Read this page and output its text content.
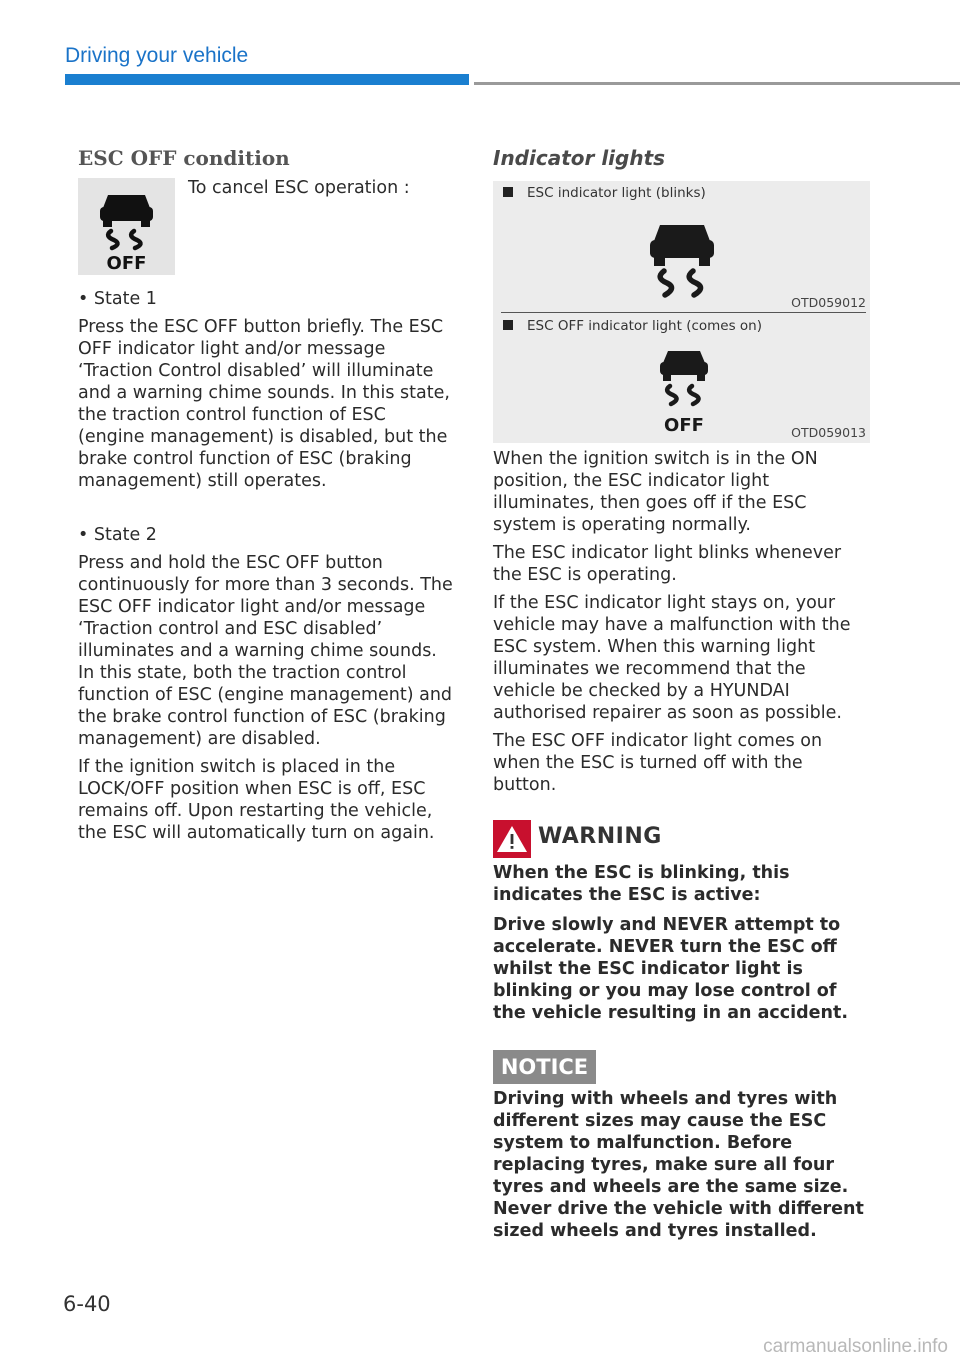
Driving your vehicle
ESC OFF condition
OFF
To cancel ESC operation :

• State 1

Press the ESC OFF button briefly. The ESC OFF indicator light and/or message ‘Traction Control disabled’ will illuminate and a warning chime sounds. In this state, the traction control function of ESC (engine management) is disabled, but the brake control function of ESC (braking management) still operates.

• State 2

Press and hold the ESC OFF button continuously for more than 3 seconds. The ESC OFF indicator light and/or message ‘Traction control and ESC disabled’ illuminates and a warning chime sounds. In this state, both the traction control function of ESC (engine management) and the brake control function of ESC (braking management) are disabled.

If the ignition switch is placed in the LOCK/OFF position when ESC is off, ESC remains off. Upon restarting the vehicle, the ESC will automatically turn on again.

Indicator lights
ESC indicator light (blinks)
OTD059012
ESC OFF indicator light (comes on)
OFF	OTD059013

When the ignition switch is in the ON position, the ESC indicator light illuminates, then goes off if the ESC system is operating normally.

The ESC indicator light blinks whenever the ESC is operating.

If the ESC indicator light stays on, your vehicle may have a malfunction with the ESC system. When this warning light illuminates we recommend that the vehicle be checked by a HYUNDAI authorised repairer as soon as possible.

The ESC OFF indicator light comes on when the ESC is turned off with the button.

WARNING

When the ESC is blinking, this indicates the ESC is active:

Drive slowly and NEVER attempt to accelerate. NEVER turn the ESC off whilst the ESC indicator light is blinking or you may lose control of the vehicle resulting in an accident.

NOTICE

Driving with wheels and tyres with different sizes may cause the ESC system to malfunction. Before replacing tyres, make sure all four tyres and wheels are the same size. Never drive the vehicle with different sized wheels and tyres installed.

6-40
carmanualsonline.info
